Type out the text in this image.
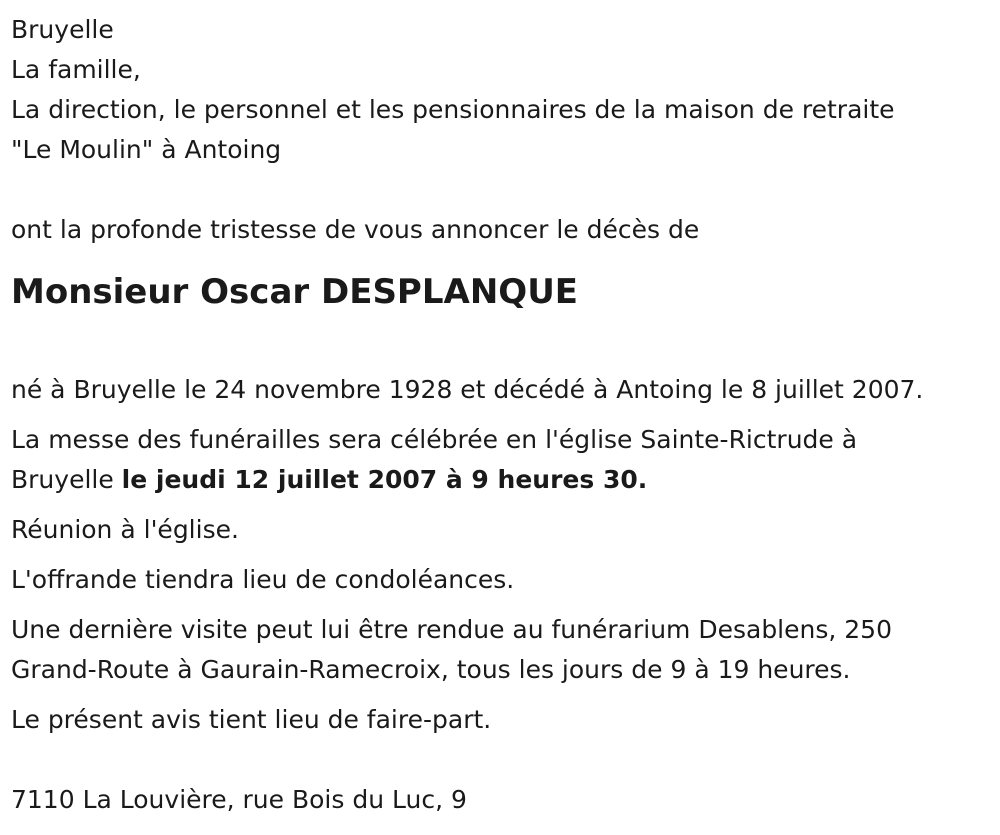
Bruyelle
La famille,
La direction, le personnel et les pensionnaires de la maison de retraite
"Le Moulin" à Antoing
ont la profonde tristesse de vous annoncer le décès de
Monsieur Oscar DESPLANQUE
né à Bruyelle le 24 novembre 1928 et décédé à Antoing le 8 juillet 2007.
La messe des funérailles sera célébrée en l'église Sainte-Rictrude à
Bruyelle le jeudi 12 juillet 2007 à 9 heures 30.
Réunion à l'église.
L'offrande tiendra lieu de condoléances.
Une dernière visite peut lui être rendue au funérarium Desablens, 250
Grand-Route à Gaurain-Ramecroix, tous les jours de 9 à 19 heures.
Le présent avis tient lieu de faire-part.
7110 La Louvière, rue Bois du Luc, 9
